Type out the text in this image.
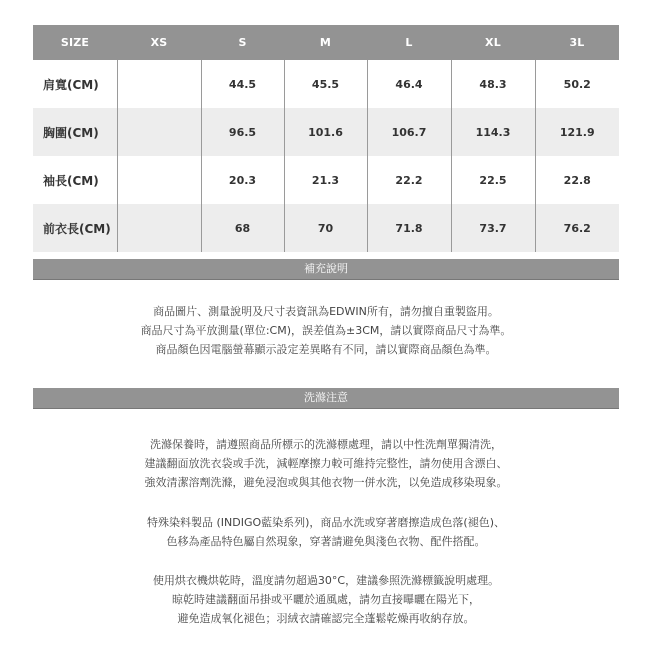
SIZE	XS	S	M	L	XL	3L
肩寬(CM)		44.5	45.5	46.4	48.3	50.2
胸圍(CM)		96.5	101.6	106.7	114.3	121.9
袖長(CM)		20.3	21.3	22.2	22.5	22.8
前衣長(CM)		68	70	71.8	73.7	76.2
補充說明

商品圖片、測量說明及尺寸表資訊為EDWIN所有，請勿擅自重製盜用。

商品尺寸為平放測量(單位:CM)，誤差值為±3CM，請以實際商品尺寸為準。

商品顏色因電腦螢幕顯示設定差異略有不同，請以實際商品顏色為準。

洗滌注意

洗滌保養時，請遵照商品所標示的洗滌標處理，請以中性洗劑單獨清洗，

建議翻面放洗衣袋或手洗，減輕摩擦力較可維持完整性，請勿使用含漂白、

強效清潔溶劑洗滌，避免浸泡或與其他衣物一併水洗，以免造成移染現象。

特殊染料製品 (INDIGO藍染系列)，商品水洗或穿著磨擦造成色落(褪色)、

色移為產品特色屬自然現象，穿著請避免與淺色衣物、配件搭配。

使用烘衣機烘乾時，溫度請勿超過30°C，建議參照洗滌標籤說明處理。

晾乾時建議翻面吊掛或平曬於通風處，請勿直接曝曬在陽光下，

避免造成氧化褪色；羽絨衣請確認完全蓬鬆乾燥再收納存放。
